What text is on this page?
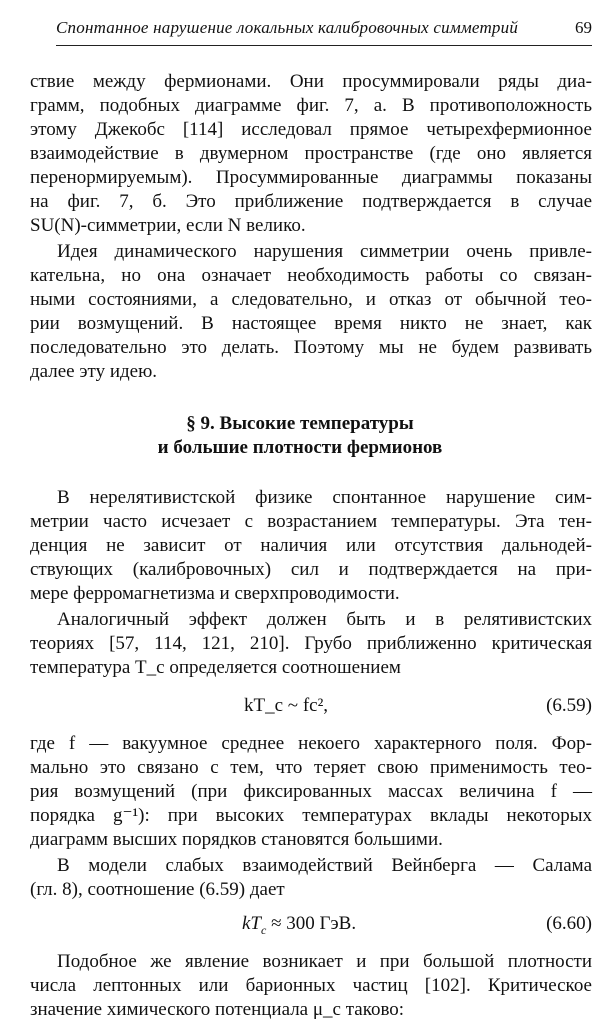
Спонтанное нарушение локальных калибровочных симметрий	69
ствие между фермионами. Они просуммировали ряды диа-
грамм, подобных диаграмме фиг. 7, а. В противоположность
этому Джекобс [114] исследовал прямое четырехфермионное
взаимодействие в двумерном пространстве (где оно является
перенормируемым). Просуммированные диаграммы показаны
на фиг. 7, б. Это приближение подтверждается в случае
SU(N)-симметрии, если N велико.
Идея динамического нарушения симметрии очень привле-
кательна, но она означает необходимость работы со связан-
ными состояниями, а следовательно, и отказ от обычной тео-
рии возмущений. В настоящее время никто не знает, как
последовательно это делать. Поэтому мы не будем развивать
далее эту идею.
§ 9. Высокие температуры
и большие плотности фермионов
В нерелятивистской физике спонтанное нарушение сим-
метрии часто исчезает с возрастанием температуры. Эта тен-
денция не зависит от наличия или отсутствия дальнодей-
ствующих (калибровочных) сил и подтверждается на при-
мере ферромагнетизма и сверхпроводимости.
Аналогичный эффект должен быть и в релятивистских
теориях [57, 114, 121, 210]. Грубо приближенно критическая
температура T_c определяется соотношением
kT_c ~ fc²,	(6.59)
где f — вакуумное среднее некоего характерного поля. Фор-
мально это связано с тем, что теряет свою применимость тео-
рия возмущений (при фиксированных массах величина f —
порядка g⁻¹): при высоких температурах вклады некоторых
диаграмм высших порядков становятся большими.
В модели слабых взаимодействий Вейнберга — Салама
(гл. 8), соотношение (6.59) дает
$kT_c \approx 300$ ГэВ.	(6.60)
Подобное же явление возникает и при большой плотности
числа лептонных или барионных частиц [102]. Критическое
значение химического потенциала μ_c таково:
